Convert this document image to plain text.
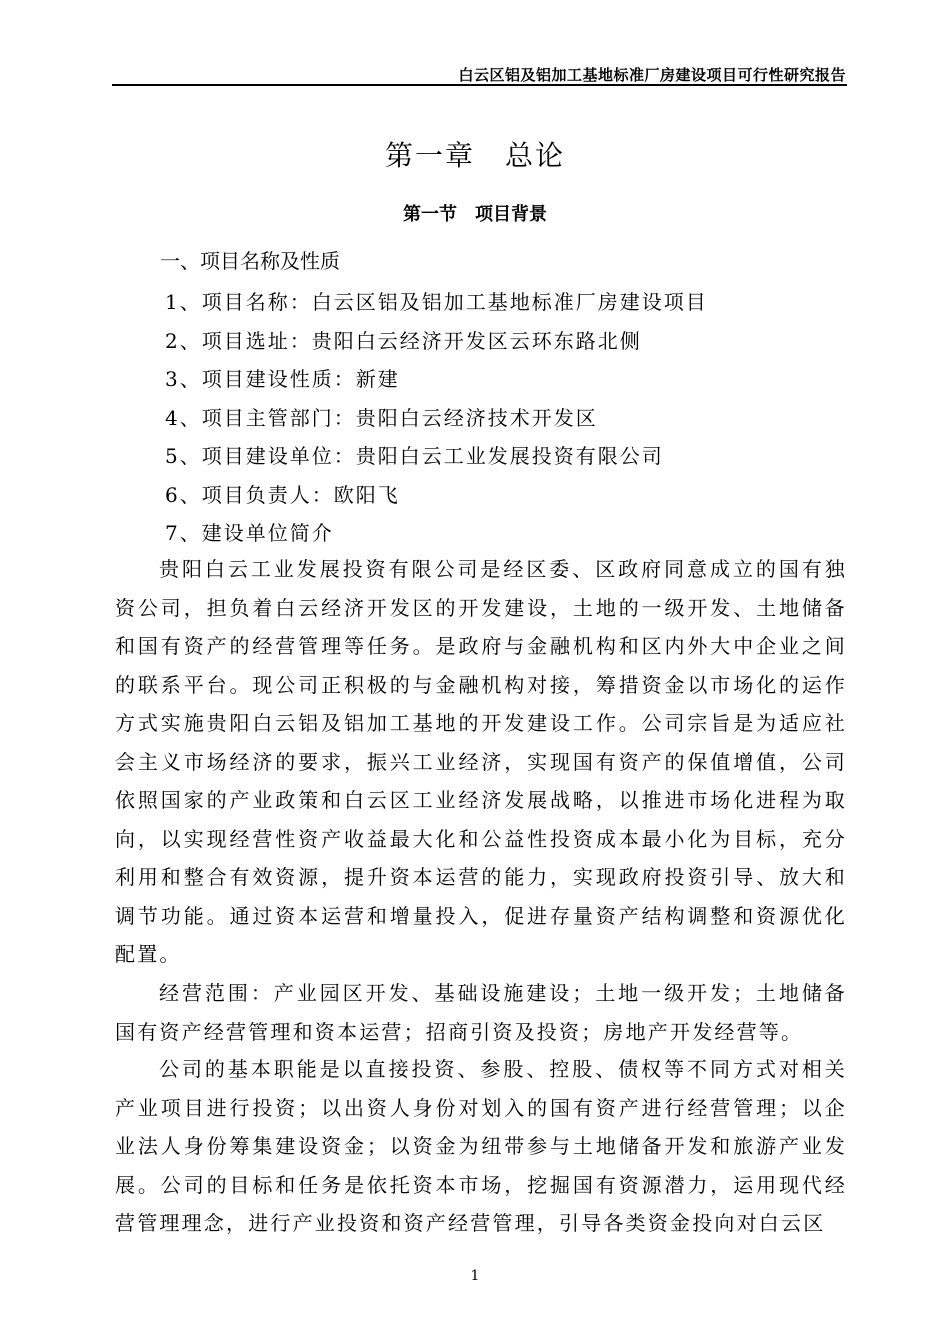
白云区铝及铝加工基地标准厂房建设项目可行性研究报告
第一章　总论
第一节　项目背景
一、项目名称及性质
1、项目名称：白云区铝及铝加工基地标准厂房建设项目
2、项目选址：贵阳白云经济开发区云环东路北侧
3、项目建设性质：新建
4、项目主管部门：贵阳白云经济技术开发区
5、项目建设单位：贵阳白云工业发展投资有限公司
6、项目负责人：欧阳飞
7、建设单位简介

贵阳白云工业发展投资有限公司是经区委、区政府同意成立的国有独资公司，担负着白云经济开发区的开发建设，土地的一级开发、土地储备和国有资产的经营管理等任务。是政府与金融机构和区内外大中企业之间的联系平台。现公司正积极的与金融机构对接，筹措资金以市场化的运作方式实施贵阳白云铝及铝加工基地的开发建设工作。公司宗旨是为适应社会主义市场经济的要求，振兴工业经济，实现国有资产的保值增值，公司依照国家的产业政策和白云区工业经济发展战略，以推进市场化进程为取向，以实现经营性资产收益最大化和公益性投资成本最小化为目标，充分利用和整合有效资源，提升资本运营的能力，实现政府投资引导、放大和调节功能。通过资本运营和增量投入，促进存量资产结构调整和资源优化配置。

经营范围：产业园区开发、基础设施建设；土地一级开发；土地储备国有资产经营管理和资本运营；招商引资及投资；房地产开发经营等。

公司的基本职能是以直接投资、参股、控股、债权等不同方式对相关产业项目进行投资；以出资人身份对划入的国有资产进行经营管理；以企业法人身份筹集建设资金；以资金为纽带参与土地储备开发和旅游产业发展。公司的目标和任务是依托资本市场，挖掘国有资源潜力，运用现代经营管理理念，进行产业投资和资产经营管理，引导各类资金投向对白云区

1
